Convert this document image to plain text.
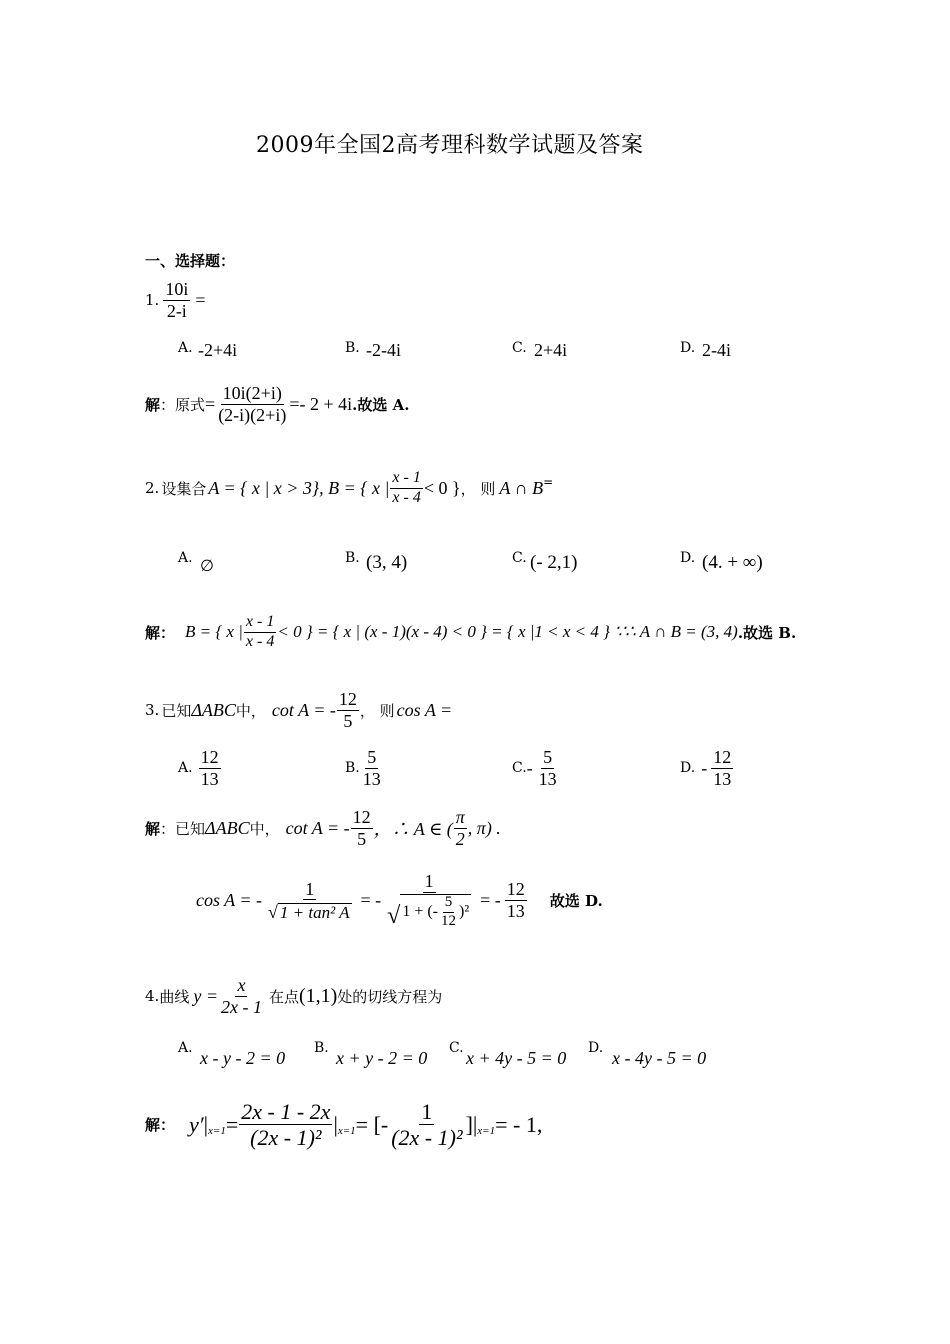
2009年全国2高考理科数学试题及答案
一、选择题：
1. $\frac{10i}{2-i}$ =
A. -2+4i	B. -2-4i	C. 2+4i	D. 2-4i
解 ：原式 = $\frac{10i(2+i)}{(2-i)(2+i)} =- 2 + 4i$ .故选 A.
2. 设集合 A = { x | x > 3} , B = { x | $\frac{x - 1}{x - 4} < 0$ } ， 则 A ∩ B =
A. ∅	B. (3, 4)	C. (- 2,1)	D. (4. + ∞)
解 ： B = { x | $\frac{x - 1}{x - 4} < 0$ } = { x | (x - 1)(x - 4) < 0 } = { x |1 < x < 4 } ∵∴ A ∩ B = (3, 4) .故选 B.
3. 已知 ΔABC 中， cot A = - $\frac{12}{5}$ ， 则 cos A =
A. $\frac{12}{13}$	B. $\frac{5}{13}$	C. - $\frac{5}{13}$	D. - $\frac{12}{13}$
解 ：已知 ΔABC 中， cot A = - $\frac{12}{5}$ ，∴ A ∈ ( $\frac{\pi}{2}$ , π) .
cos A = - $\frac{1}{\text{√ 1 + tan² A}}$ = -
1
√ 1 + (- $\frac{5}{12} )^2$
= - $\frac{12}{13}$ 故选 D.
4. 曲线 $y = \frac{x}{2x - 1}$ 在点 (1,1) 处的切线方程为
A. x - y - 2 = 0 B. x + y - 2 = 0 C. x + 4y - 5 = 0 D. x - 4y - 5 = 0
解 ： y′ | $x=1 = \frac{2x - 1 - 2x}{\text{(2x - 1)²}}$ | x=1 = [- $\frac{1}{\text{(2x - 1)²}}$ ] | x=1 = - 1,
